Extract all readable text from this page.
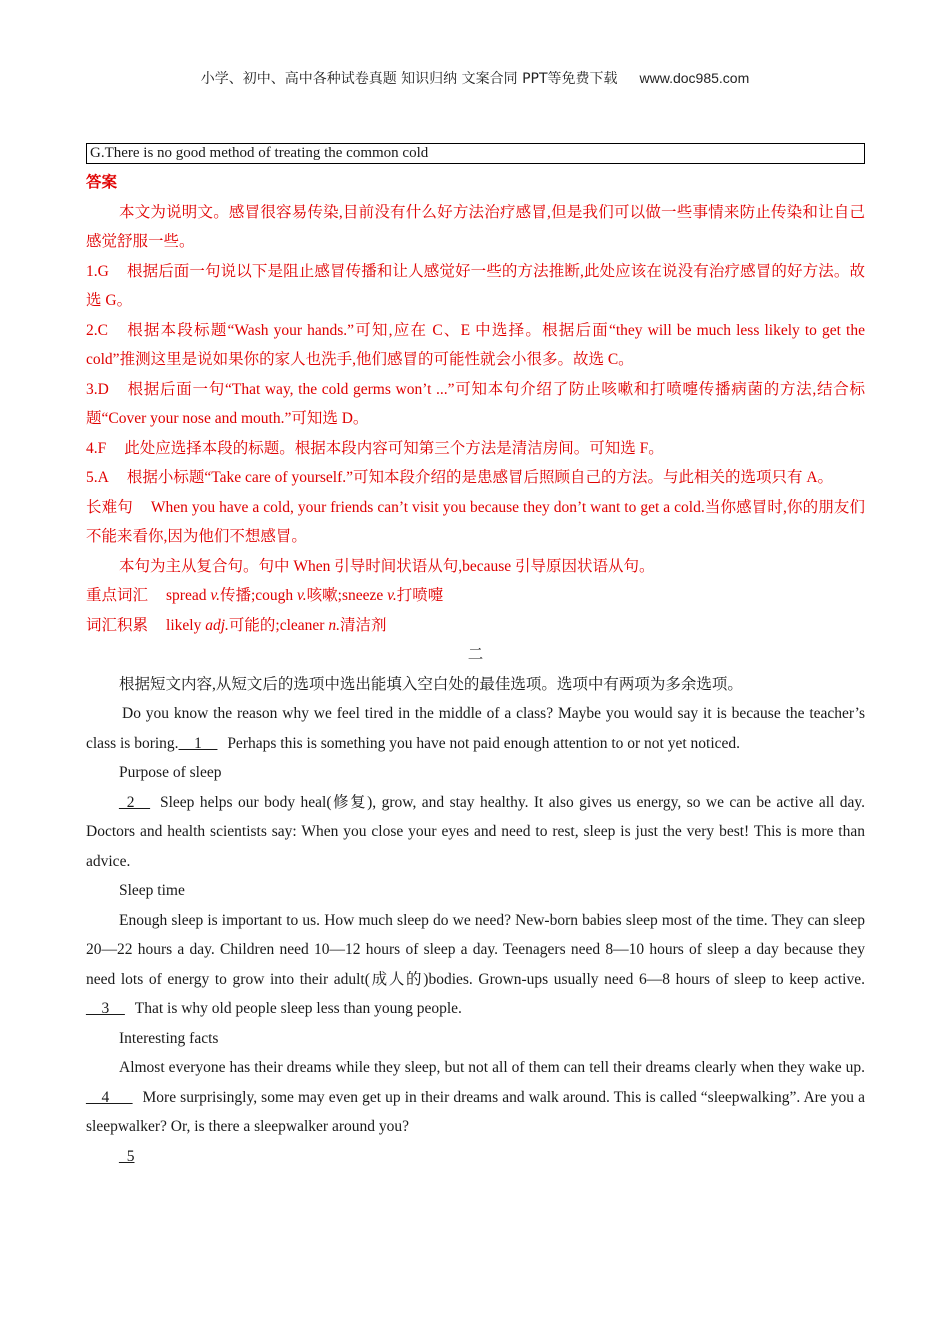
小学、初中、高中各种试卷真题 知识归纳 文案合同 PPT等免费下载 www.doc985.com
G.There is no good method of treating the common cold

答案

本文为说明文。感冒很容易传染,目前没有什么好方法治疗感冒,但是我们可以做一些事情来防止传染和让自己感觉舒服一些。

1.G 根据后面一句说以下是阻止感冒传播和让人感觉好一些的方法推断,此处应该在说没有治疗感冒的好方法。故选 G。

2.C 根据本段标题“Wash your hands.”可知,应在 C、E 中选择。根据后面“they will be much less likely to get the cold”推测这里是说如果你的家人也洗手,他们感冒的可能性就会小很多。故选 C。

3.D 根据后面一句“That way, the cold germs won’t ...”可知本句介绍了防止咳嗽和打喷嚏传播病菌的方法,结合标题“Cover your nose and mouth.”可知选 D。

4.F 此处应选择本段的标题。根据本段内容可知第三个方法是清洁房间。可知选 F。

5.A 根据小标题“Take care of yourself.”可知本段介绍的是患感冒后照顾自己的方法。与此相关的选项只有 A。

长难句 When you have a cold, your friends can’t visit you because they don’t want to get a cold.当你感冒时,你的朋友们不能来看你,因为他们不想感冒。

本句为主从复合句。句中 When 引导时间状语从句,because 引导原因状语从句。

重点词汇 spread v.传播;cough v.咳嗽;sneeze v.打喷嚏

词汇积累 likely adj.可能的;cleaner n.清洁剂

二

根据短文内容,从短文后的选项中选出能填入空白处的最佳选项。选项中有两项为多余选项。

Do you know the reason why we feel tired in the middle of a class? Maybe you would say it is because the teacher’s class is boring.__1__ Perhaps this is something you have not paid enough attention to or not yet noticed.

Purpose of sleep

_2__ Sleep helps our body heal(修复), grow, and stay healthy. It also gives us energy, so we can be active all day. Doctors and health scientists say: When you close your eyes and need to rest, sleep is just the very best! This is more than advice.

Sleep time

Enough sleep is important to us. How much sleep do we need? New-born babies sleep most of the time. They can sleep 20—22 hours a day. Children need 10—12 hours of sleep a day. Teenagers need 8—10 hours of sleep a day because they need lots of energy to grow into their adult(成人的)bodies. Grown-ups usually need 6—8 hours of sleep to keep active. __3__ That is why old people sleep less than young people.

Interesting facts

Almost everyone has their dreams while they sleep, but not all of them can tell their dreams clearly when they wake up. __4___ More surprisingly, some may even get up in their dreams and walk around. This is called “sleepwalking”. Are you a sleepwalker? Or, is there a sleepwalker around you?

_5
